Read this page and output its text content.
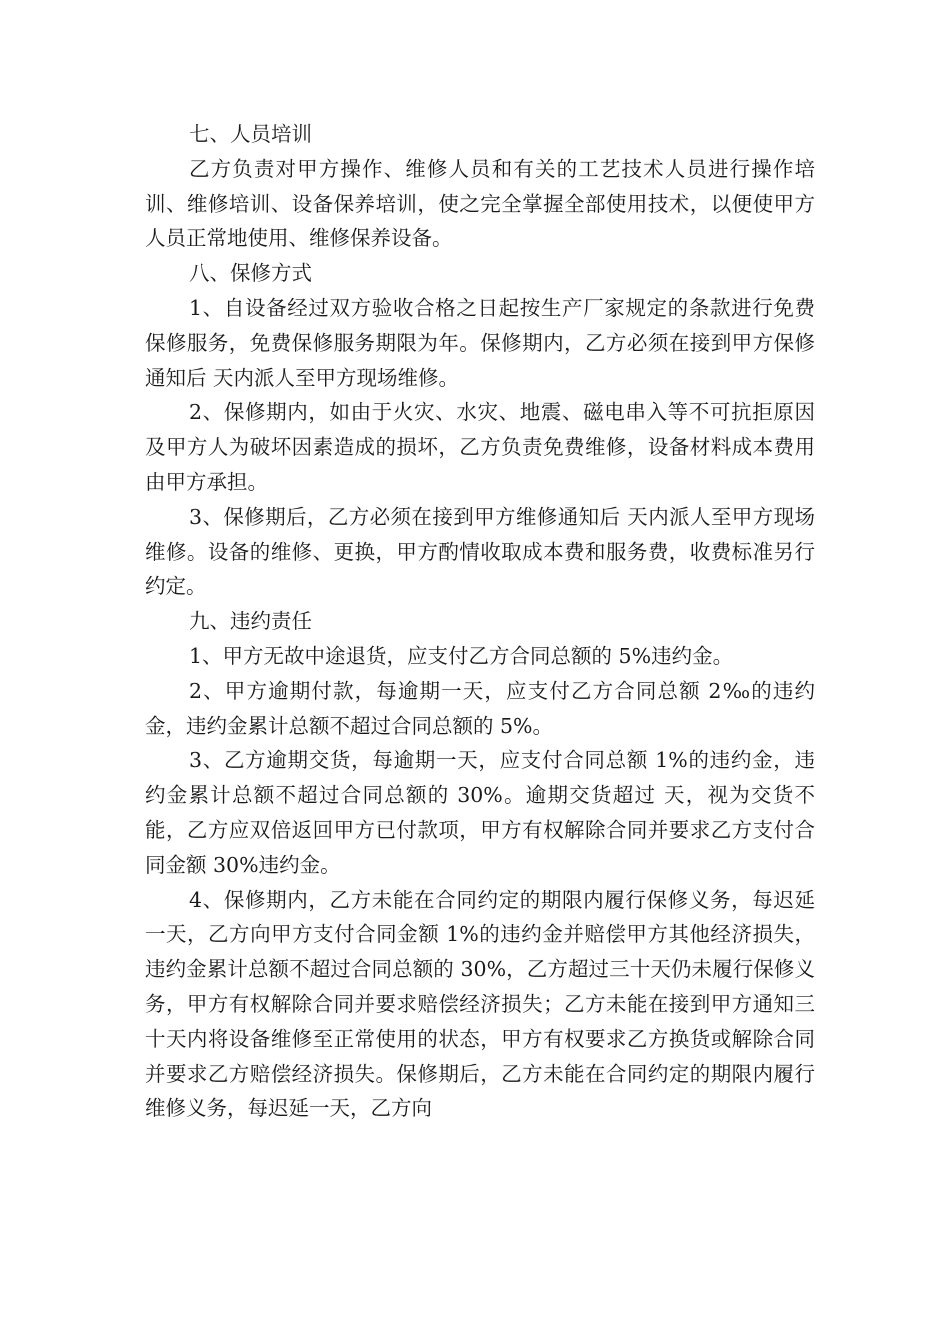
七、人员培训

乙方负责对甲方操作、维修人员和有关的工艺技术人员进行操作培训、维修培训、设备保养培训，使之完全掌握全部使用技术，以便使甲方人员正常地使用、维修保养设备。

八、保修方式

1、自设备经过双方验收合格之日起按生产厂家规定的条款进行免费保修服务，免费保修服务期限为年。保修期内，乙方必须在接到甲方保修通知后 天内派人至甲方现场维修。

2、保修期内，如由于火灾、水灾、地震、磁电串入等不可抗拒原因及甲方人为破坏因素造成的损坏，乙方负责免费维修，设备材料成本费用由甲方承担。

3、保修期后，乙方必须在接到甲方维修通知后 天内派人至甲方现场维修。设备的维修、更换，甲方酌情收取成本费和服务费，收费标准另行约定。

九、违约责任

1、甲方无故中途退货，应支付乙方合同总额的 5%违约金。

2、甲方逾期付款，每逾期一天，应支付乙方合同总额 2‰的违约金，违约金累计总额不超过合同总额的 5%。

3、乙方逾期交货，每逾期一天，应支付合同总额 1%的违约金，违约金累计总额不超过合同总额的 30%。逾期交货超过 天，视为交货不能，乙方应双倍返回甲方已付款项，甲方有权解除合同并要求乙方支付合同金额 30%违约金。

4、保修期内，乙方未能在合同约定的期限内履行保修义务，每迟延一天，乙方向甲方支付合同金额 1%的违约金并赔偿甲方其他经济损失，违约金累计总额不超过合同总额的 30%，乙方超过三十天仍未履行保修义务，甲方有权解除合同并要求赔偿经济损失；乙方未能在接到甲方通知三十天内将设备维修至正常使用的状态，甲方有权要求乙方换货或解除合同并要求乙方赔偿经济损失。保修期后，乙方未能在合同约定的期限内履行维修义务，每迟延一天，乙方向
